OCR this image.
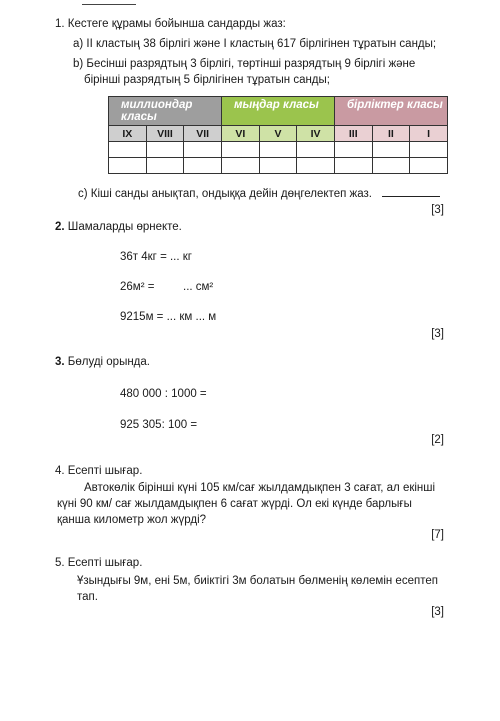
1. Кестеге құрамы бойынша сандарды жаз:
а) II кластың 38 бірлігі және I кластың 617 бірлігінен тұратын санды;
b) Бесінші разрядтың 3 бірлігі, төртінші разрядтың 9 бірлігі және
бірінші разрядтың 5 бірлігінен тұратын санды;
миллиондар класы			мыңдар класы			бірліктер класы		
IX	VIII	VII	VI	V	IV	III	II	I

c) Кіші санды анықтап, ондыққа дейін дөңгелектеп жаз.
[3]
2. Шамаларды өрнекте.
36т 4кг = ... кг
26м² = ... см²
9215м = ... км ... м
[3]
3. Бөлуді орында.
480 000 : 1000 =
925 305: 100 =
[2]
4. Есепті шығар.
Автокөлік бірінші күні 105 км/сағ жылдамдықпен 3 сағат, ал екінші
күні 90 км/ сағ жылдамдықпен 6 сағат жүрді. Ол екі күнде барлығы
қанша километр жол жүрді?
[7]
5. Есепті шығар.
Ұзындығы 9м, ені 5м, биіктігі 3м болатын бөлменің көлемін есептеп
тап.
[3]
